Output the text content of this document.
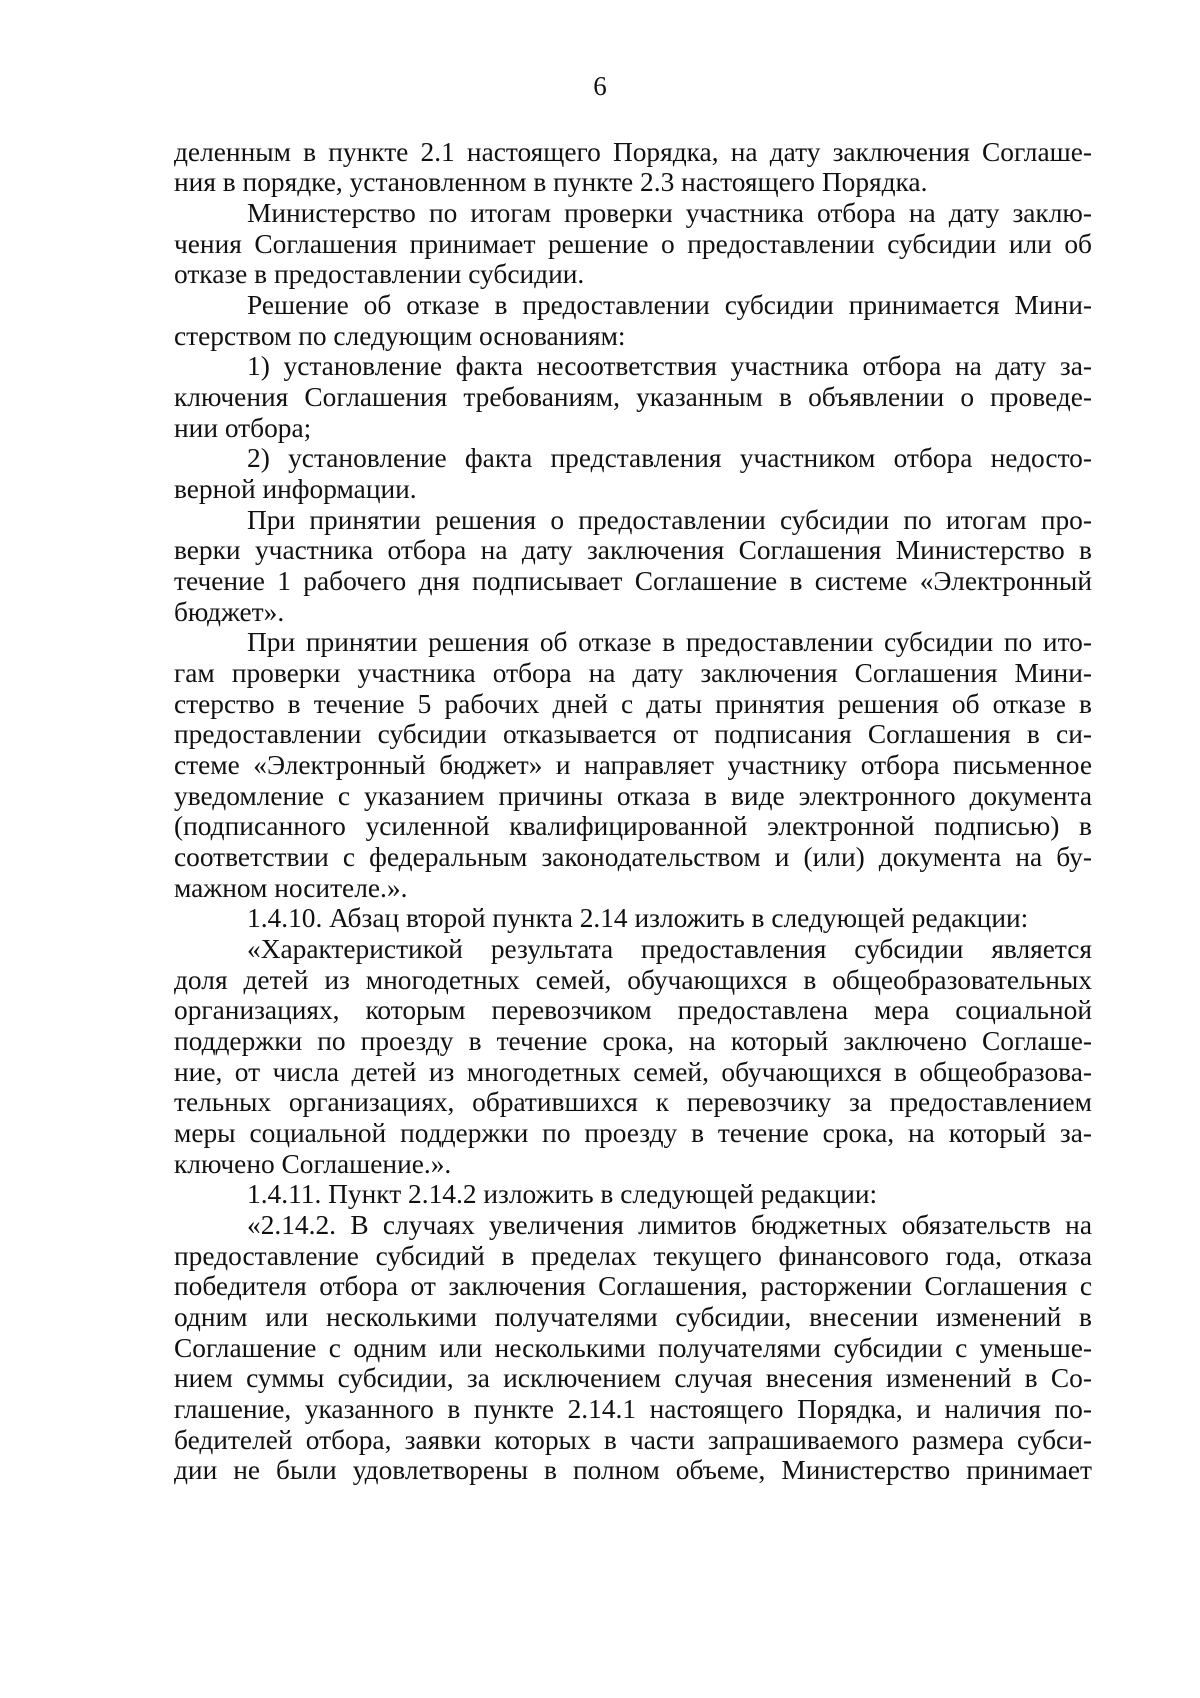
6
деленным в пункте 2.1 настоящего Порядка, на дату заключения Соглаше-
ния в порядке, установленном в пункте 2.3 настоящего Порядка.
Министерство по итогам проверки участника отбора на дату заклю-
чения Соглашения принимает решение о предоставлении субсидии или об
отказе в предоставлении субсидии.
Решение об отказе в предоставлении субсидии принимается Мини-
стерством по следующим основаниям:
1) установление факта несоответствия участника отбора на дату за-
ключения Соглашения требованиям, указанным в объявлении о проведе-
нии отбора;
2) установление факта представления участником отбора недосто-
верной информации.
При принятии решения о предоставлении субсидии по итогам про-
верки участника отбора на дату заключения Соглашения Министерство в
течение 1 рабочего дня подписывает Соглашение в системе «Электронный
бюджет».
При принятии решения об отказе в предоставлении субсидии по ито-
гам проверки участника отбора на дату заключения Соглашения Мини-
стерство в течение 5 рабочих дней с даты принятия решения об отказе в
предоставлении субсидии отказывается от подписания Соглашения в си-
стеме «Электронный бюджет» и направляет участнику отбора письменное
уведомление с указанием причины отказа в виде электронного документа
(подписанного усиленной квалифицированной электронной подписью) в
соответствии с федеральным законодательством и (или) документа на бу-
мажном носителе.».
1.4.10. Абзац второй пункта 2.14 изложить в следующей редакции:
«Характеристикой результата предоставления субсидии является
доля детей из многодетных семей, обучающихся в общеобразовательных
организациях, которым перевозчиком предоставлена мера социальной
поддержки по проезду в течение срока, на который заключено Соглаше-
ние, от числа детей из многодетных семей, обучающихся в общеобразова-
тельных организациях, обратившихся к перевозчику за предоставлением
меры социальной поддержки по проезду в течение срока, на который за-
ключено Соглашение.».
1.4.11. Пункт 2.14.2 изложить в следующей редакции:
«2.14.2. В случаях увеличения лимитов бюджетных обязательств на
предоставление субсидий в пределах текущего финансового года, отказа
победителя отбора от заключения Соглашения, расторжении Соглашения с
одним или несколькими получателями субсидии, внесении изменений в
Соглашение с одним или несколькими получателями субсидии с уменьше-
нием суммы субсидии, за исключением случая внесения изменений в Со-
глашение, указанного в пункте 2.14.1 настоящего Порядка, и наличия по-
бедителей отбора, заявки которых в части запрашиваемого размера субси-
дии не были удовлетворены в полном объеме, Министерство принимает
